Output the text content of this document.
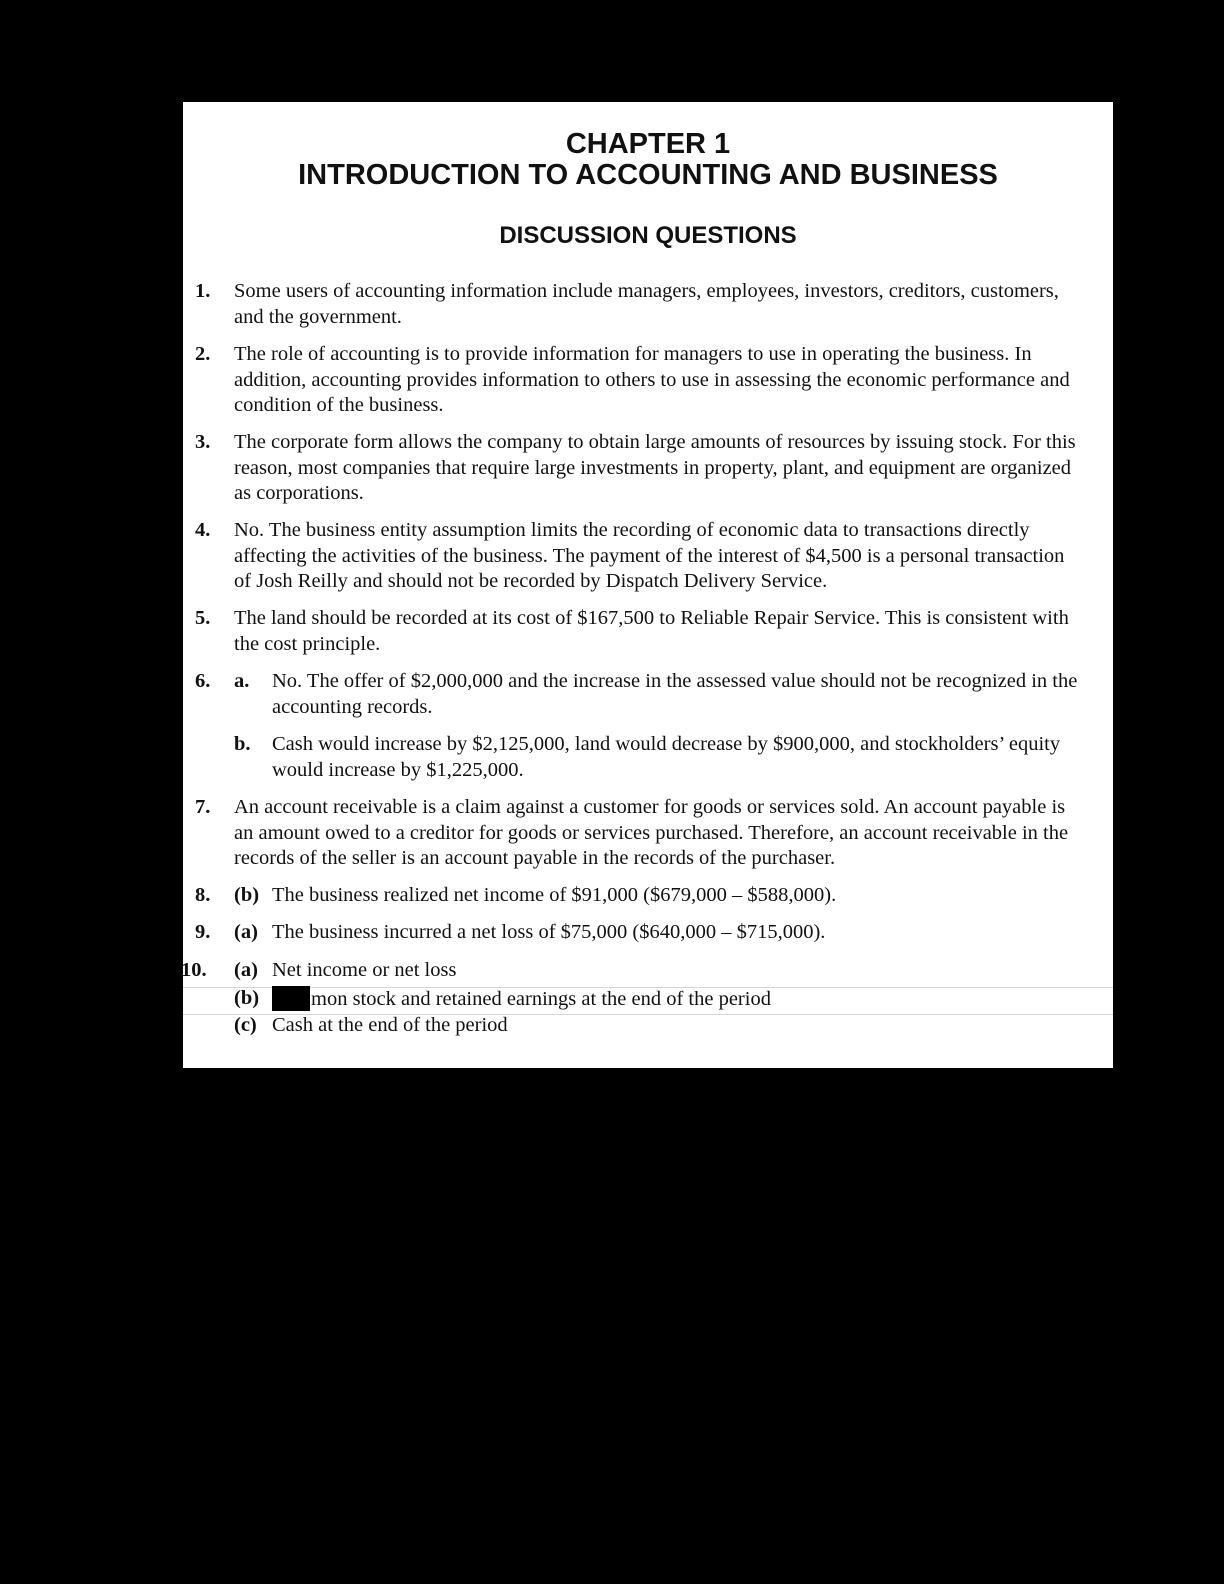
CHAPTER 1
INTRODUCTION TO ACCOUNTING AND BUSINESS
DISCUSSION QUESTIONS
1.	Some users of accounting information include managers, employees, investors, creditors, customers, and the government.
2.	The role of accounting is to provide information for managers to use in operating the business. In addition, accounting provides information to others to use in assessing the economic performance and condition of the business.
3.	The corporate form allows the company to obtain large amounts of resources by issuing stock. For this reason, most companies that require large investments in property, plant, and equipment are organized as corporations.
4.	No. The business entity assumption limits the recording of economic data to transactions directly affecting the activities of the business. The payment of the interest of $4,500 is a personal transaction of Josh Reilly and should not be recorded by Dispatch Delivery Service.
5.	The land should be recorded at its cost of $167,500 to Reliable Repair Service. This is consistent with the cost principle.
6.	a. No. The offer of $2,000,000 and the increase in the assessed value should not be recognized in the accounting records.
b. Cash would increase by $2,125,000, land would decrease by $900,000, and stockholders’ equity would increase by $1,225,000.
7.	An account receivable is a claim against a customer for goods or services sold. An account payable is an amount owed to a creditor for goods or services purchased. Therefore, an account receivable in the records of the seller is an account payable in the records of the purchaser.
8.	(b) The business realized net income of $91,000 ($679,000 – $588,000).
9.	(a) The business incurred a net loss of $75,000 ($640,000 – $715,000).
10.	(a) Net income or net loss
(b)	mon stock and retained earnings at the end of the period
(c) Cash at the end of the period
